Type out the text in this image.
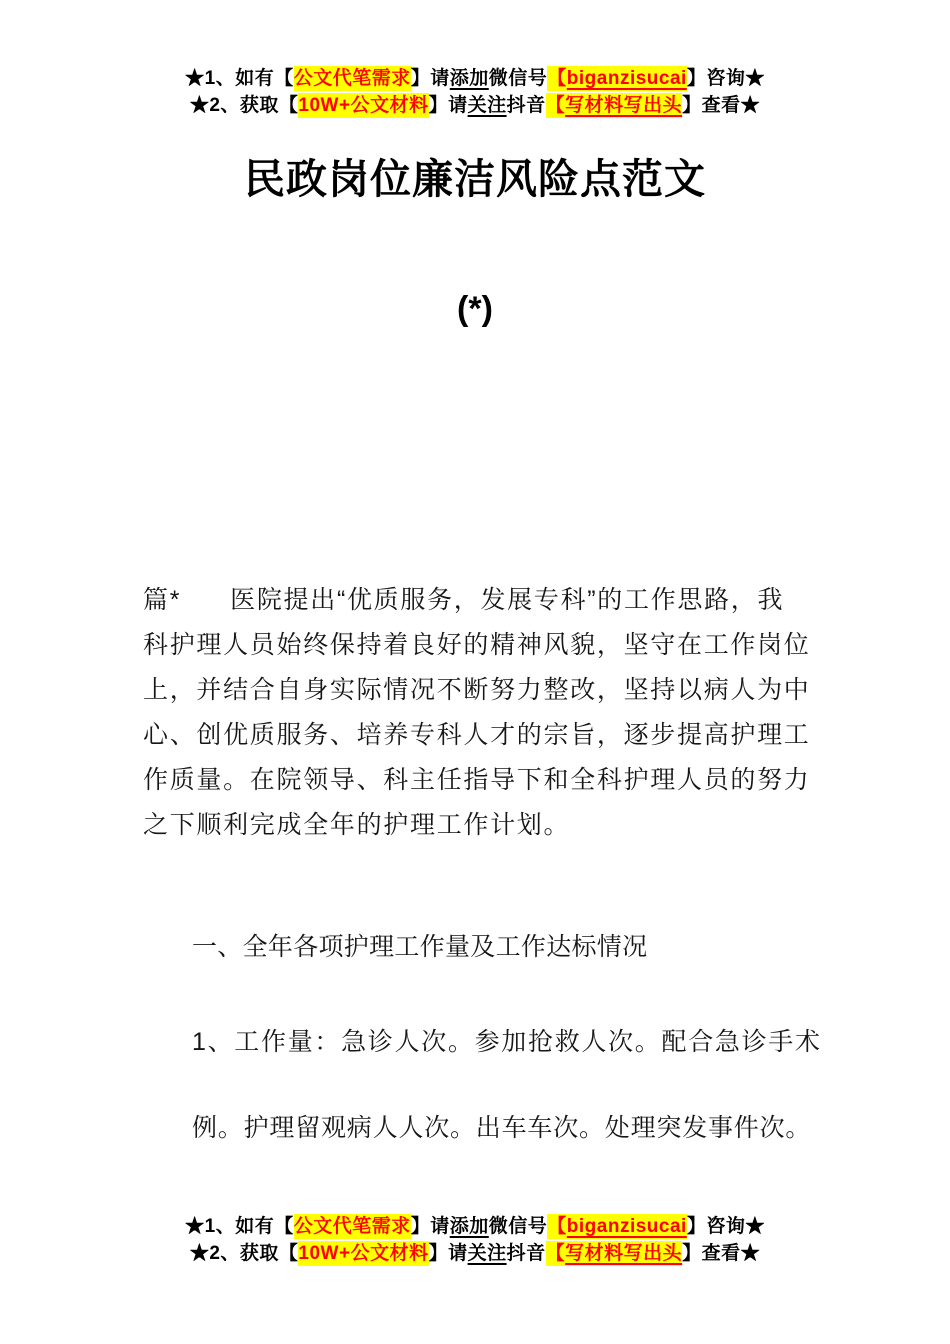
★1、如有【公文代笔需求】请添加微信号【biganzisucai】咨询★
★2、获取【10W+公文材料】请关注抖音【写材料写出头】查看★
民政岗位廉洁风险点范文
(*)
篇* 医院提出“优质服务，发展专科”的工作思路，我
科护理人员始终保持着良好的精神风貌，坚守在工作岗位
上，并结合自身实际情况不断努力整改，坚持以病人为中
心、创优质服务、培养专科人才的宗旨，逐步提高护理工
作质量。在院领导、科主任指导下和全科护理人员的努力
之下顺利完成全年的护理工作计划。
一、全年各项护理工作量及工作达标情况
1、工作量：急诊人次。参加抢救人次。配合急诊手术
例。护理留观病人人次。出车车次。处理突发事件次。
★1、如有【公文代笔需求】请添加微信号【biganzisucai】咨询★
★2、获取【10W+公文材料】请关注抖音【写材料写出头】查看★
